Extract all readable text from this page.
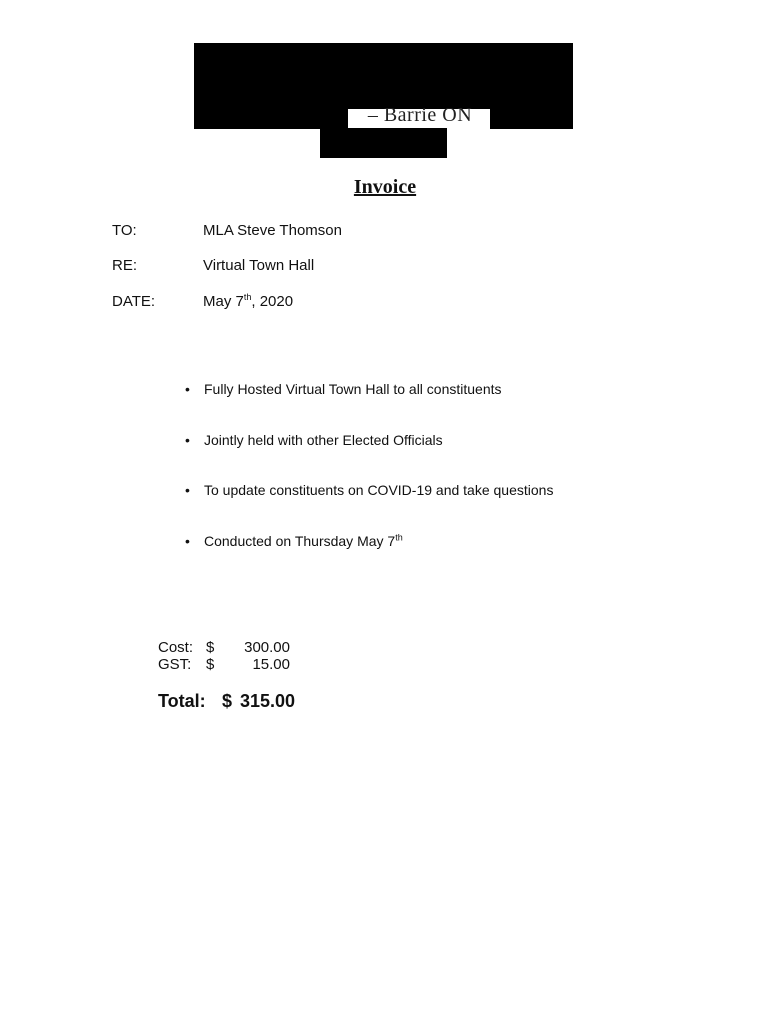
– Barrie ON
Invoice
TO:	MLA Steve Thomson
RE:	Virtual Town Hall
DATE:	May 7th, 2020
• Fully Hosted Virtual Town Hall to all constituents
• Jointly held with other Elected Officials
• To update constituents on COVID-19 and take questions
• Conducted on Thursday May 7th
Cost: $	300.00
GST: $	15.00
Total: $ 315.00
